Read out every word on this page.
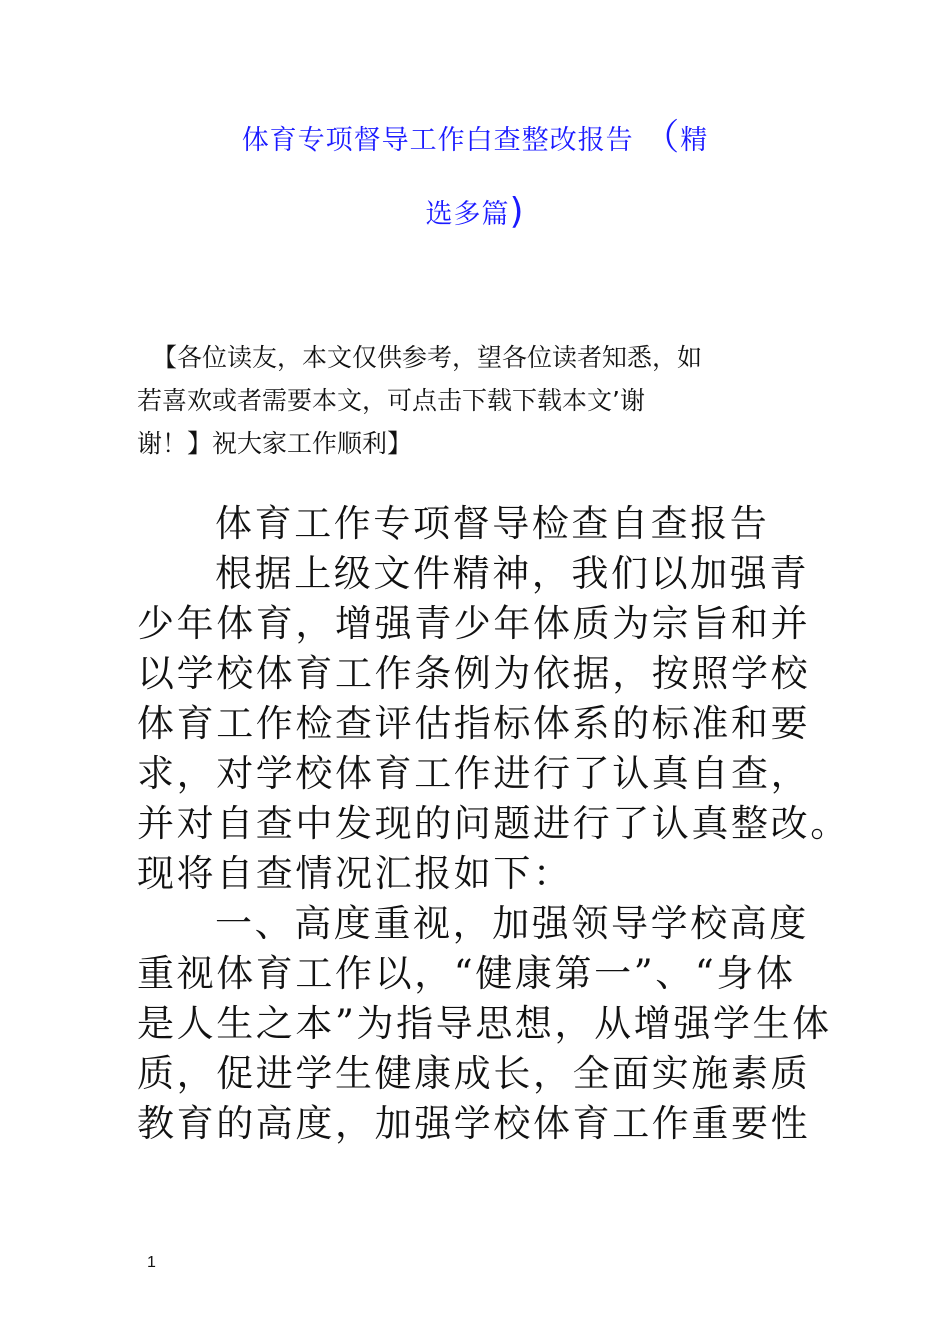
体育专项督导工作白查整改报告 （精
选多篇)

【各位读友，本文仅供参考，望各位读者知悉，如

若喜欢或者需要本文，可点击下载下载本文’谢

谢！】祝大家工作顺利】

体育工作专项督导检查自查报告

根据上级文件精神，我们以加强青

少年体育，增强青少年体质为宗旨和并

以学校体育工作条例为依据，按照学校

体育工作检查评估指标体系的标准和要

求，对学校体育工作进行了认真自查，

并对自查中发现的问题进行了认真整改。

现将自查情况汇报如下：

一、高度重视，加强领导学校高度

重视体育工作以，“健康第一”、“身体

是人生之本”为指导思想，从增强学生体

质，促进学生健康成长，全面实施素质

教育的高度，加强学校体育工作重要性

1
